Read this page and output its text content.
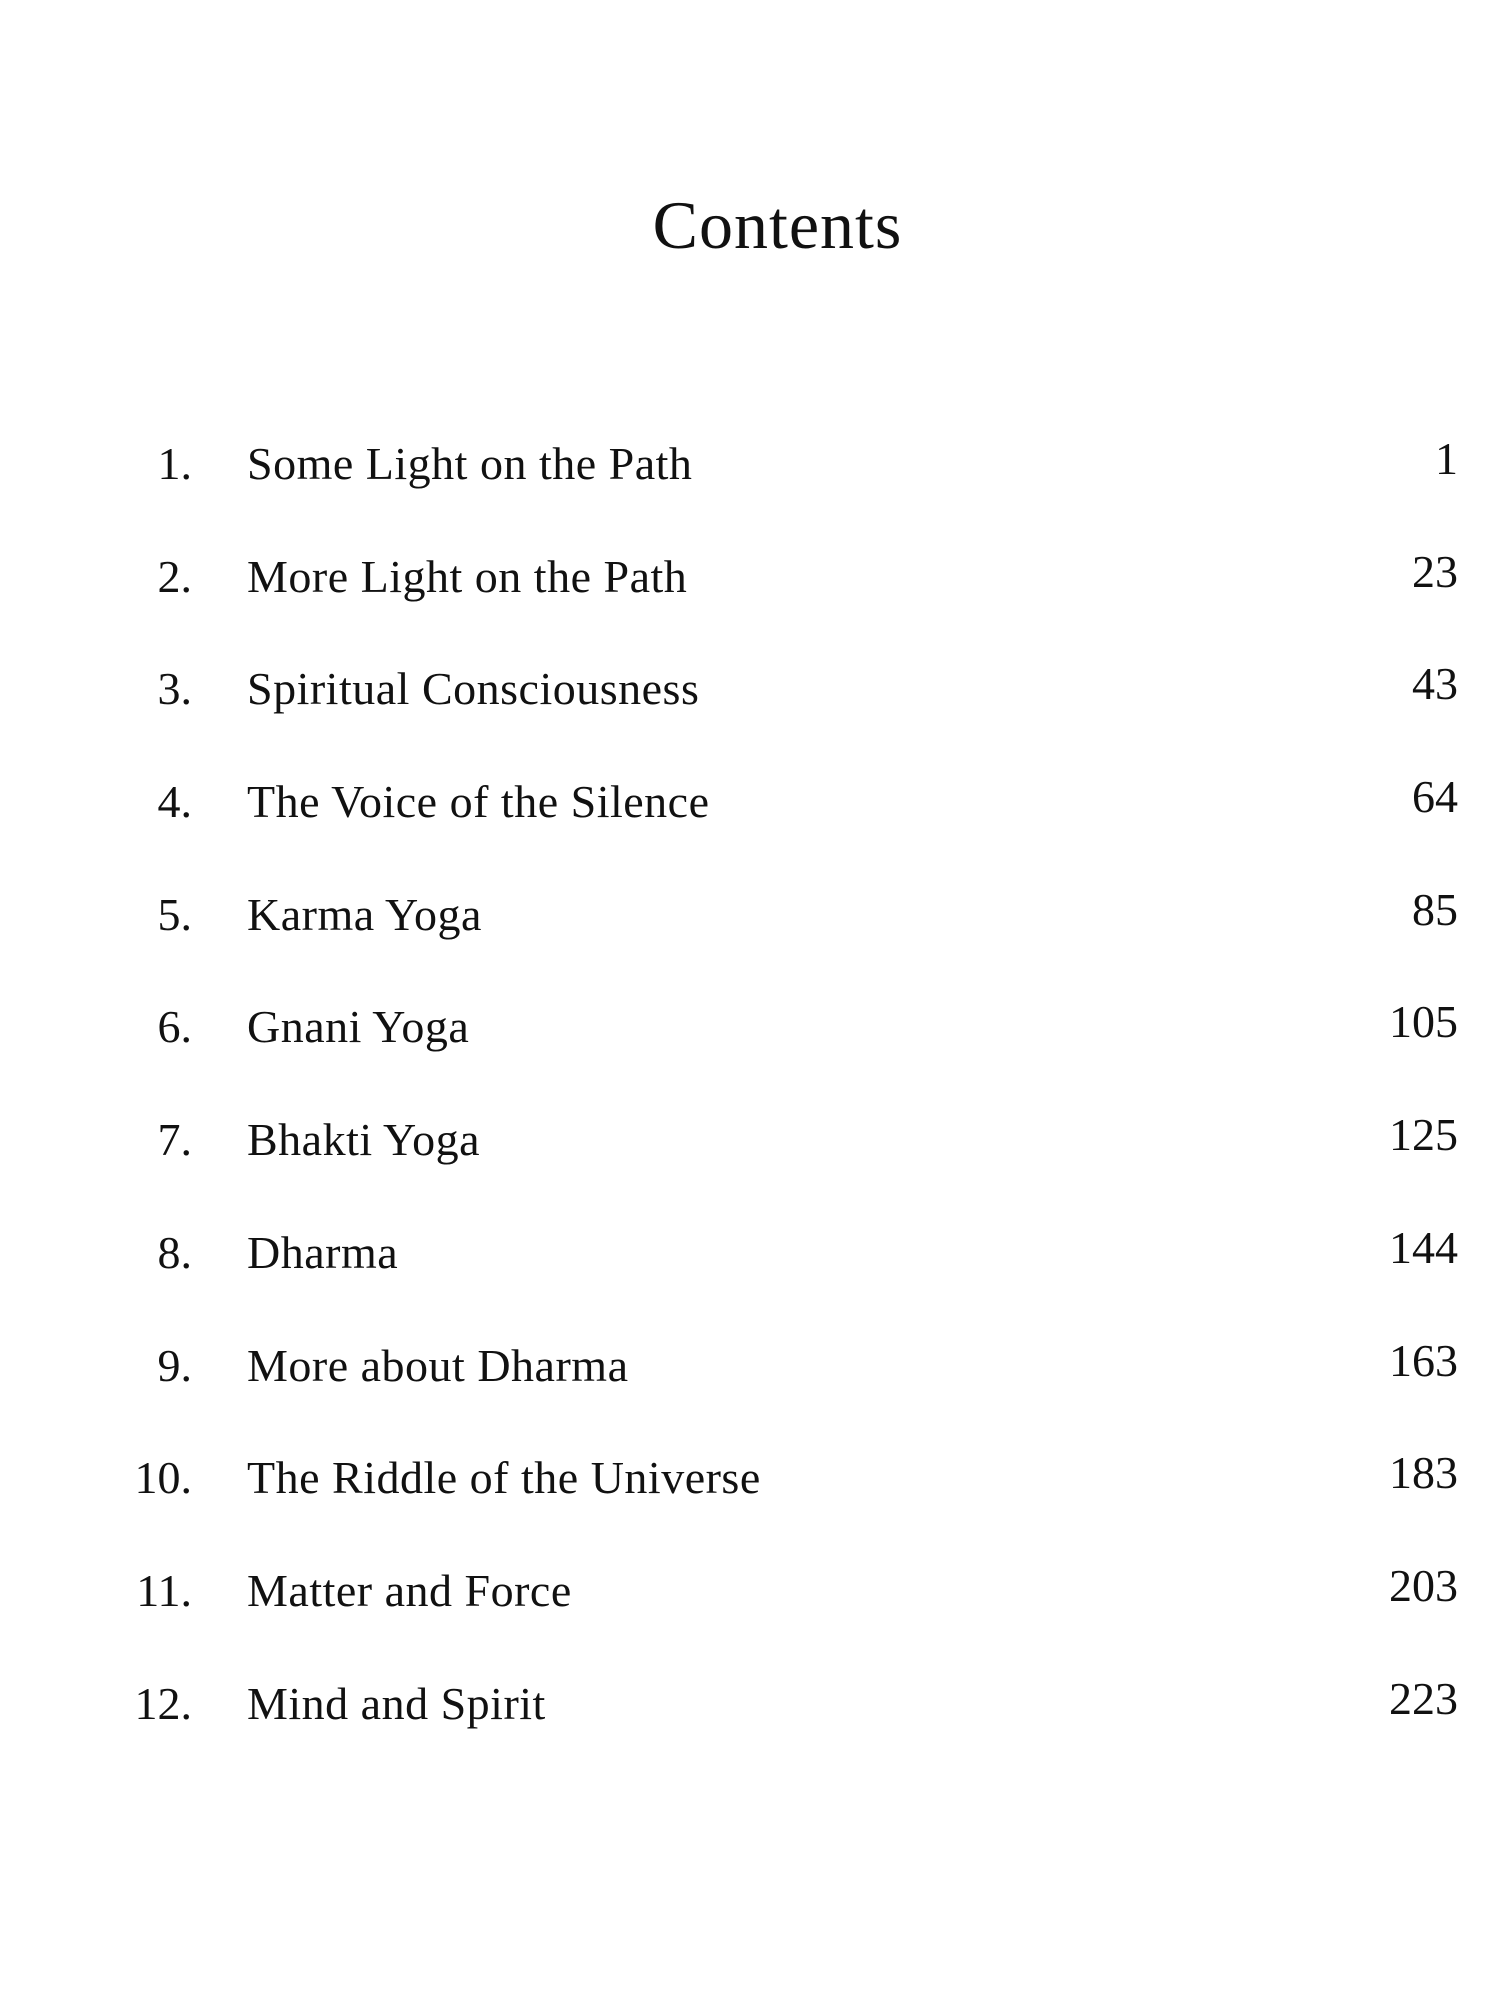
Contents
1. Some Light on the Path	1
2. More Light on the Path	23
3. Spiritual Consciousness	43
4. The Voice of the Silence	64
5. Karma Yoga	85
6. Gnani Yoga	105
7. Bhakti Yoga	125
8. Dharma	144
9. More about Dharma	163
10. The Riddle of the Universe	183
11. Matter and Force	203
12. Mind and Spirit	223
